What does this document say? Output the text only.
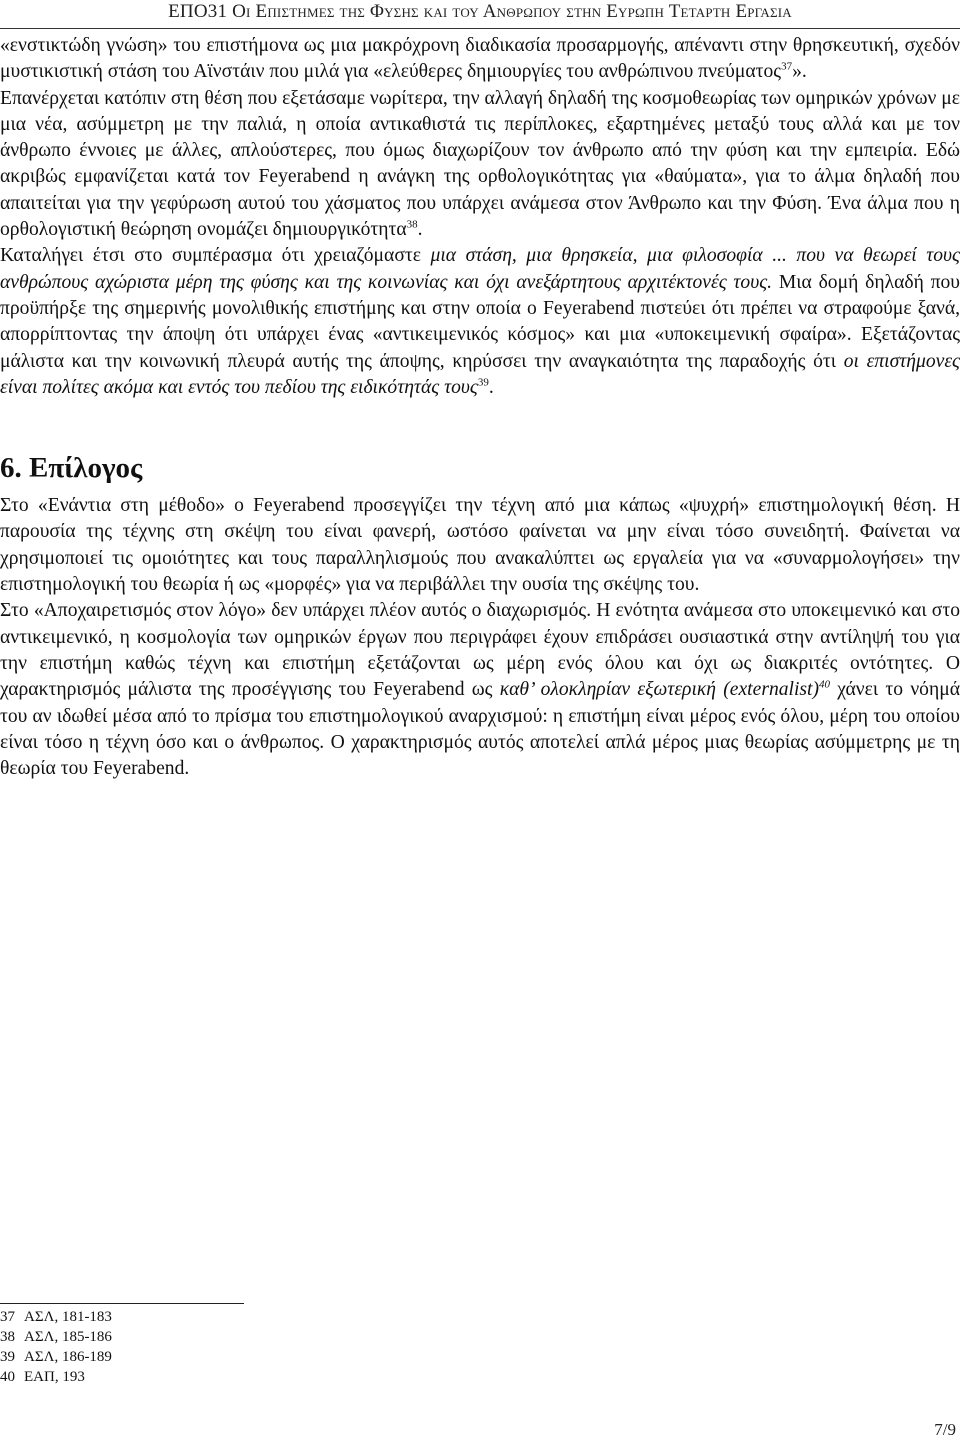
ΕΠΟ31 Οι Επιστημες της Φυσης και του Ανθρωπου στην Ευρωπη Τεταρτη Εργασια

«ενστικτώδη γνώση» του επιστήμονα ως μια μακρόχρονη διαδικασία προσαρμογής, απέναντι στην θρησκευτική, σχεδόν μυστικιστική στάση του Αϊνστάιν που μιλά για «ελεύθερες δημιουργίες του ανθρώπινου πνεύματος$^{37}$».

Επανέρχεται κατόπιν στη θέση που εξετάσαμε νωρίτερα, την αλλαγή δηλαδή της κοσμοθεωρίας των ομηρικών χρόνων με μια νέα, ασύμμετρη με την παλιά, η οποία αντικαθιστά τις περίπλοκες, εξαρτημένες μεταξύ τους αλλά και με τον άνθρωπο έννοιες με άλλες, απλούστερες, που όμως διαχωρίζουν τον άνθρωπο από την φύση και την εμπειρία. Εδώ ακριβώς εμφανίζεται κατά τον Feyerabend η ανάγκη της ορθολογικότητας για «θαύματα», για το άλμα δηλαδή που απαιτείται για την γεφύρωση αυτού του χάσματος που υπάρχει ανάμεσα στον Άνθρωπο και την Φύση. Ένα άλμα που η ορθολογιστική θεώρηση ονομάζει δημιουργικότητα$^{38}$.

Καταλήγει έτσι στο συμπέρασμα ότι χρειαζόμαστε μια στάση, μια θρησκεία, μια φιλοσοφία ... που να θεωρεί τους ανθρώπους αχώριστα μέρη της φύσης και της κοινωνίας και όχι ανεξάρτητους αρχιτέκτονές τους. Μια δομή δηλαδή που προϋπήρξε της σημερινής μονολιθικής επιστήμης και στην οποία ο Feyerabend πιστεύει ότι πρέπει να στραφούμε ξανά, απορρίπτοντας την άποψη ότι υπάρχει ένας «αντικειμενικός κόσμος» και μια «υποκειμενική σφαίρα». Εξετάζοντας μάλιστα και την κοινωνική πλευρά αυτής της άποψης, κηρύσσει την αναγκαιότητα της παραδοχής ότι οι επιστήμονες είναι πολίτες ακόμα και εντός του πεδίου της ειδικότητάς τους$^{39}$.

6. Επίλογος

Στο «Ενάντια στη μέθοδο» ο Feyerabend προσεγγίζει την τέχνη από μια κάπως «ψυχρή» επιστημολογική θέση. Η παρουσία της τέχνης στη σκέψη του είναι φανερή, ωστόσο φαίνεται να μην είναι τόσο συνειδητή. Φαίνεται να χρησιμοποιεί τις ομοιότητες και τους παραλληλισμούς που ανακαλύπτει ως εργαλεία για να «συναρμολογήσει» την επιστημολογική του θεωρία ή ως «μορφές» για να περιβάλλει την ουσία της σκέψης του.

Στο «Αποχαιρετισμός στον λόγο» δεν υπάρχει πλέον αυτός ο διαχωρισμός. Η ενότητα ανάμεσα στο υποκειμενικό και στο αντικειμενικό, η κοσμολογία των ομηρικών έργων που περιγράφει έχουν επιδράσει ουσιαστικά στην αντίληψή του για την επιστήμη καθώς τέχνη και επιστήμη εξετάζονται ως μέρη ενός όλου και όχι ως διακριτές οντότητες. Ο χαρακτηρισμός μάλιστα της προσέγγισης του Feyerabend ως καθ’ ολοκληρίαν εξωτερική (externalist)$^{40}$ χάνει το νόημά του αν ιδωθεί μέσα από το πρίσμα του επιστημολογικού αναρχισμού: η επιστήμη είναι μέρος ενός όλου, μέρη του οποίου είναι τόσο η τέχνη όσο και ο άνθρωπος. Ο χαρακτηρισμός αυτός αποτελεί απλά μέρος μιας θεωρίας ασύμμετρης με τη θεωρία του Feyerabend.

37 ΑΣΛ, 181-183

38 ΑΣΛ, 185-186

39 ΑΣΛ, 186-189

40 ΕΑΠ, 193

7/9
